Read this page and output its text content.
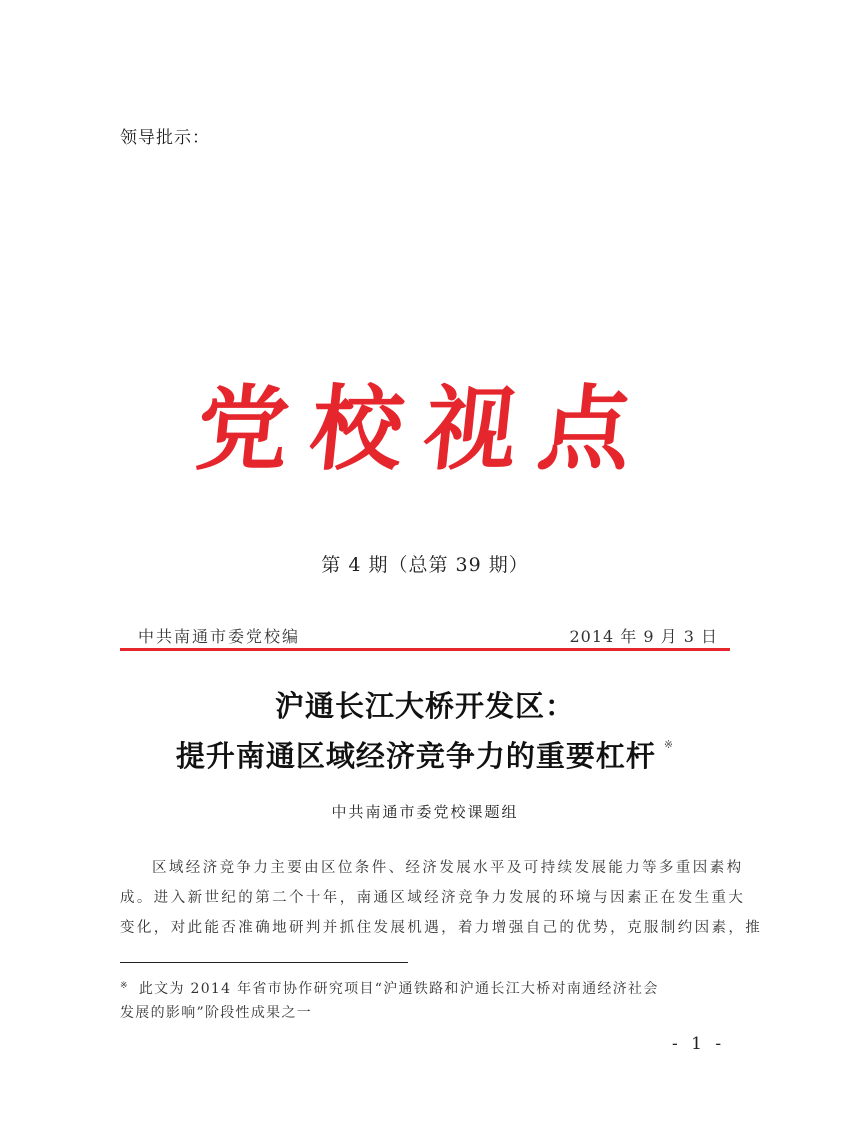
领导批示：
党校视点
第 4 期（总第 39 期）
中共南通市委党校编	2014 年 9 月 3 日
沪通长江大桥开发区：
提升南通区域经济竞争力的重要杠杆 ※
中共南通市委党校课题组
区域经济竞争力主要由区位条件、经济发展水平及可持续发展能力等多重因素构
成。进入新世纪的第二个十年，南通区域经济竞争力发展的环境与因素正在发生重大
变化，对此能否准确地研判并抓住发展机遇，着力增强自己的优势，克服制约因素，推
※ 此文为 2014 年省市协作研究项目“沪通铁路和沪通长江大桥对南通经济社会
发展的影响”阶段性成果之一
- 1 -
